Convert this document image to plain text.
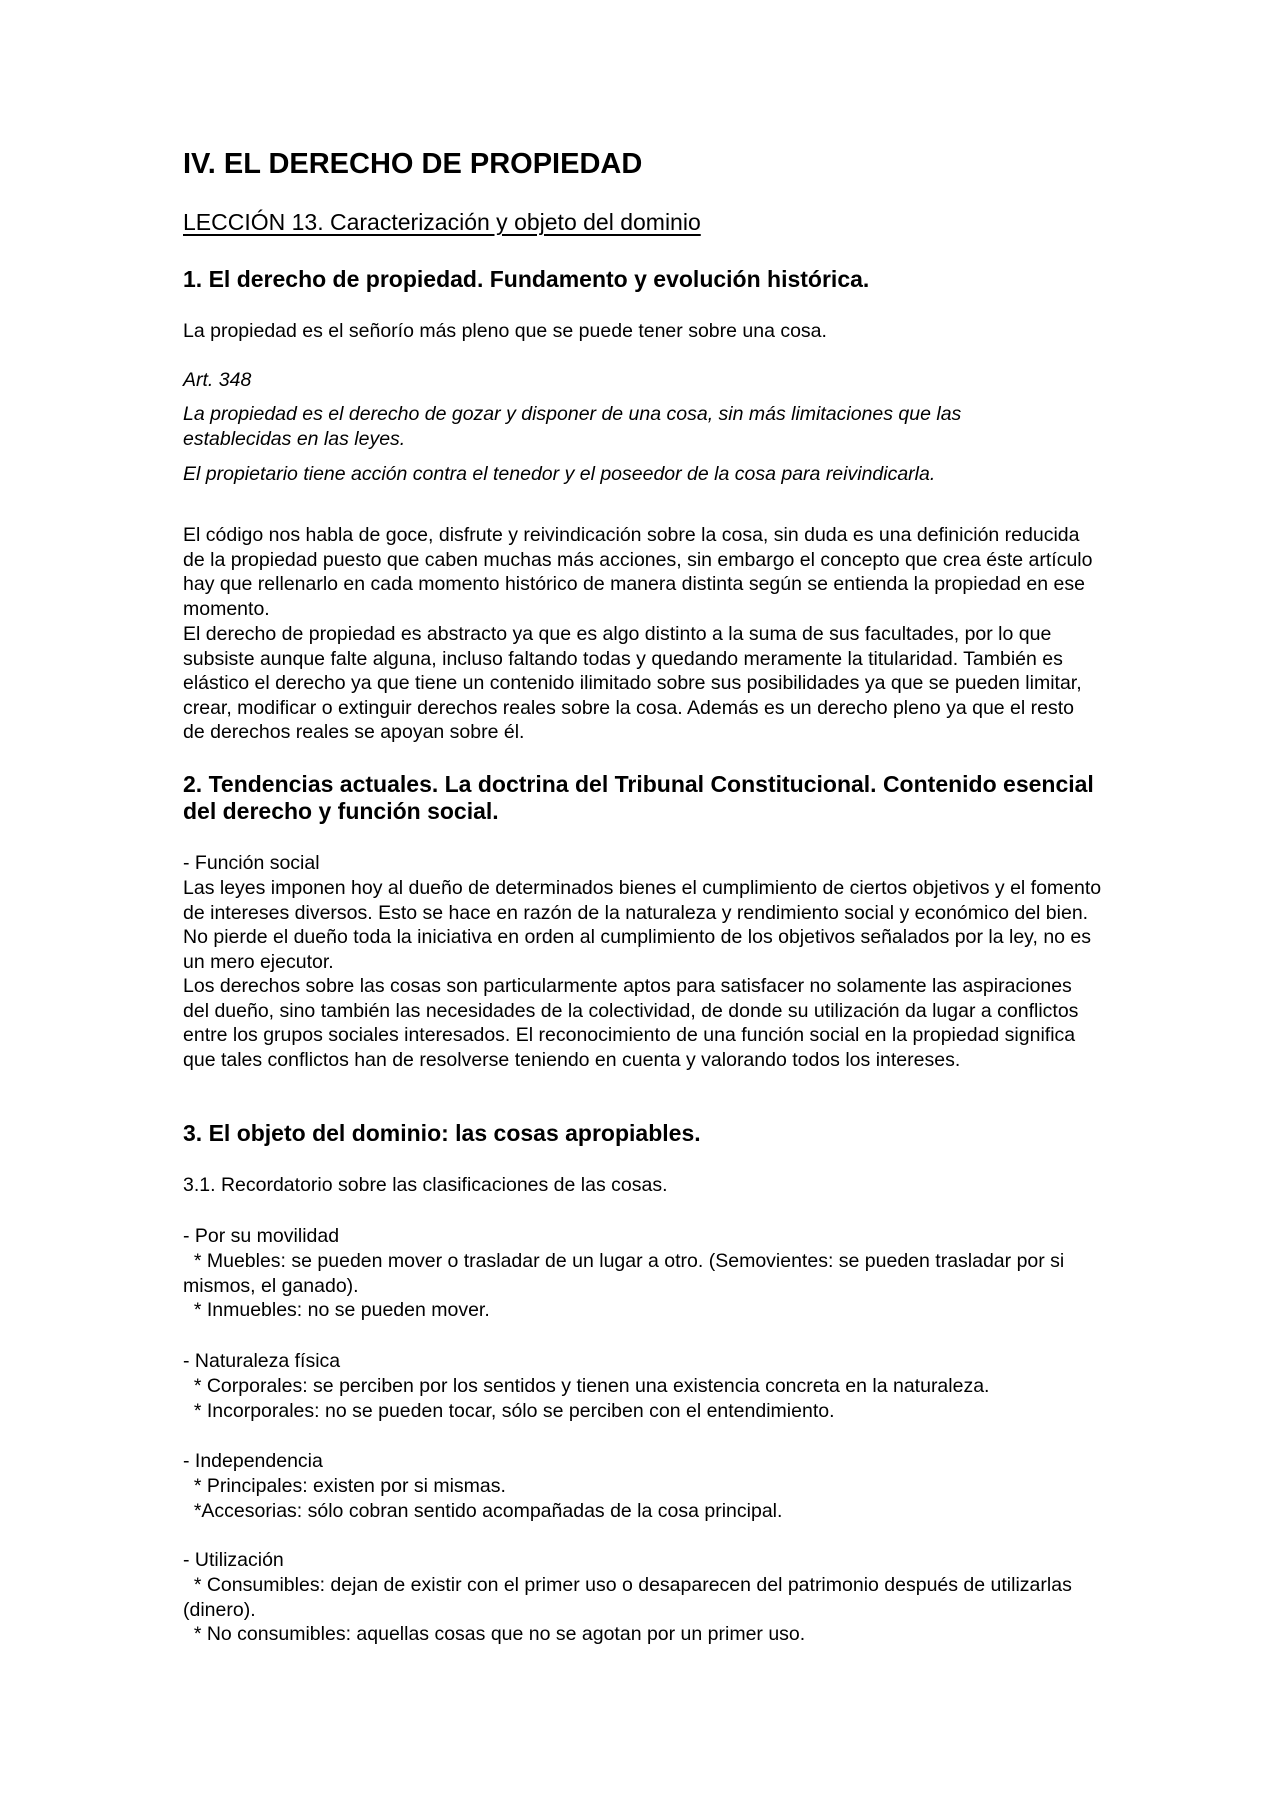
IV. EL DERECHO DE PROPIEDAD

LECCIÓN 13. Caracterización y objeto del dominio

1. El derecho de propiedad. Fundamento y evolución histórica.

La propiedad es el señorío más pleno que se puede tener sobre una cosa.

Art. 348

La propiedad es el derecho de gozar y disponer de una cosa, sin más limitaciones que las establecidas en las leyes.

El propietario tiene acción contra el tenedor y el poseedor de la cosa para reivindicarla.

El código nos habla de goce, disfrute y reivindicación sobre la cosa, sin duda es una definición reducida de la propiedad puesto que caben muchas más acciones, sin embargo el concepto que crea éste artículo hay que rellenarlo en cada momento histórico de manera distinta según se entienda la propiedad en ese momento.

El derecho de propiedad es abstracto ya que es algo distinto a la suma de sus facultades, por lo que subsiste aunque falte alguna, incluso faltando todas y quedando meramente la titularidad. También es elástico el derecho ya que tiene un contenido ilimitado sobre sus posibilidades ya que se pueden limitar, crear, modificar o extinguir derechos reales sobre la cosa. Además es un derecho pleno ya que el resto de derechos reales se apoyan sobre él.

2. Tendencias actuales. La doctrina del Tribunal Constitucional. Contenido esencial del derecho y función social.

- Función social

Las leyes imponen hoy al dueño de determinados bienes el cumplimiento de ciertos objetivos y el fomento de intereses diversos. Esto se hace en razón de la naturaleza y rendimiento social y económico del bien. No pierde el dueño toda la iniciativa en orden al cumplimiento de los objetivos señalados por la ley, no es un mero ejecutor.

Los derechos sobre las cosas son particularmente aptos para satisfacer no solamente las aspiraciones del dueño, sino también las necesidades de la colectividad, de donde su utilización da lugar a conflictos entre los grupos sociales interesados. El reconocimiento de una función social en la propiedad significa que tales conflictos han de resolverse teniendo en cuenta y valorando todos los intereses.

3. El objeto del dominio: las cosas apropiables.

3.1. Recordatorio sobre las clasificaciones de las cosas.

- Por su movilidad

* Muebles: se pueden mover o trasladar de un lugar a otro. (Semovientes: se pueden trasladar por si mismos, el ganado).

* Inmuebles: no se pueden mover.

- Naturaleza física

* Corporales: se perciben por los sentidos y tienen una existencia concreta en la naturaleza.

* Incorporales: no se pueden tocar, sólo se perciben con el entendimiento.

- Independencia

* Principales: existen por si mismas.

*Accesorias: sólo cobran sentido acompañadas de la cosa principal.

- Utilización

* Consumibles: dejan de existir con el primer uso o desaparecen del patrimonio después de utilizarlas (dinero).

* No consumibles: aquellas cosas que no se agotan por un primer uso.
